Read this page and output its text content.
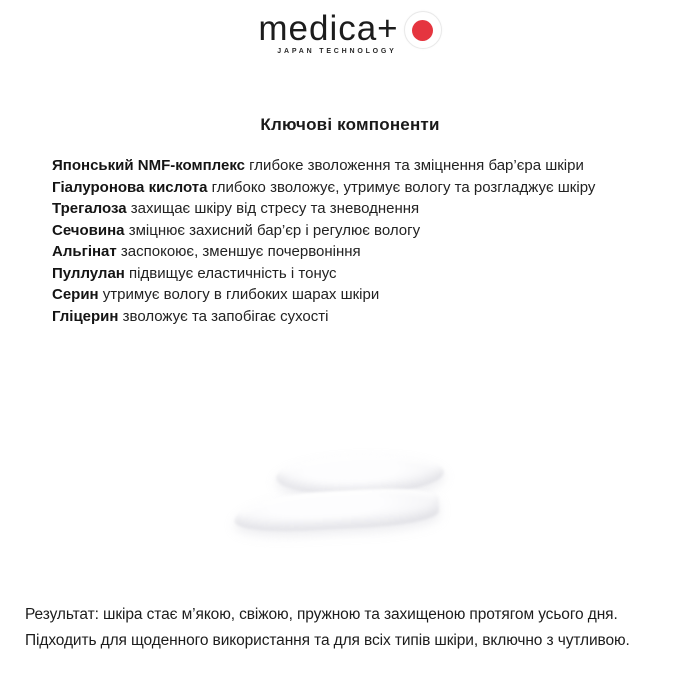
medica+
JAPAN TECHNOLOGY
Ключові компоненти
Японський NMF-комплекс глибоке зволоження та зміцнення бар’єра шкіри
Гіалуронова кислота глибоко зволожує, утримує вологу та розгладжує шкіру
Трегалоза захищає шкіру від стресу та зневоднення
Сечовина зміцнює захисний бар’єр і регулює вологу
Альгінат заспокоює, зменшує почервоніння
Пуллулан підвищує еластичність і тонус
Серин утримує вологу в глибоких шарах шкіри
Гліцерин зволожує та запобігає сухості

Результат: шкіра стає м’якою, свіжою, пружною та захищеною протягом усього дня.

Підходить для щоденного використання та для всіх типів шкіри, включно з чутливою.
